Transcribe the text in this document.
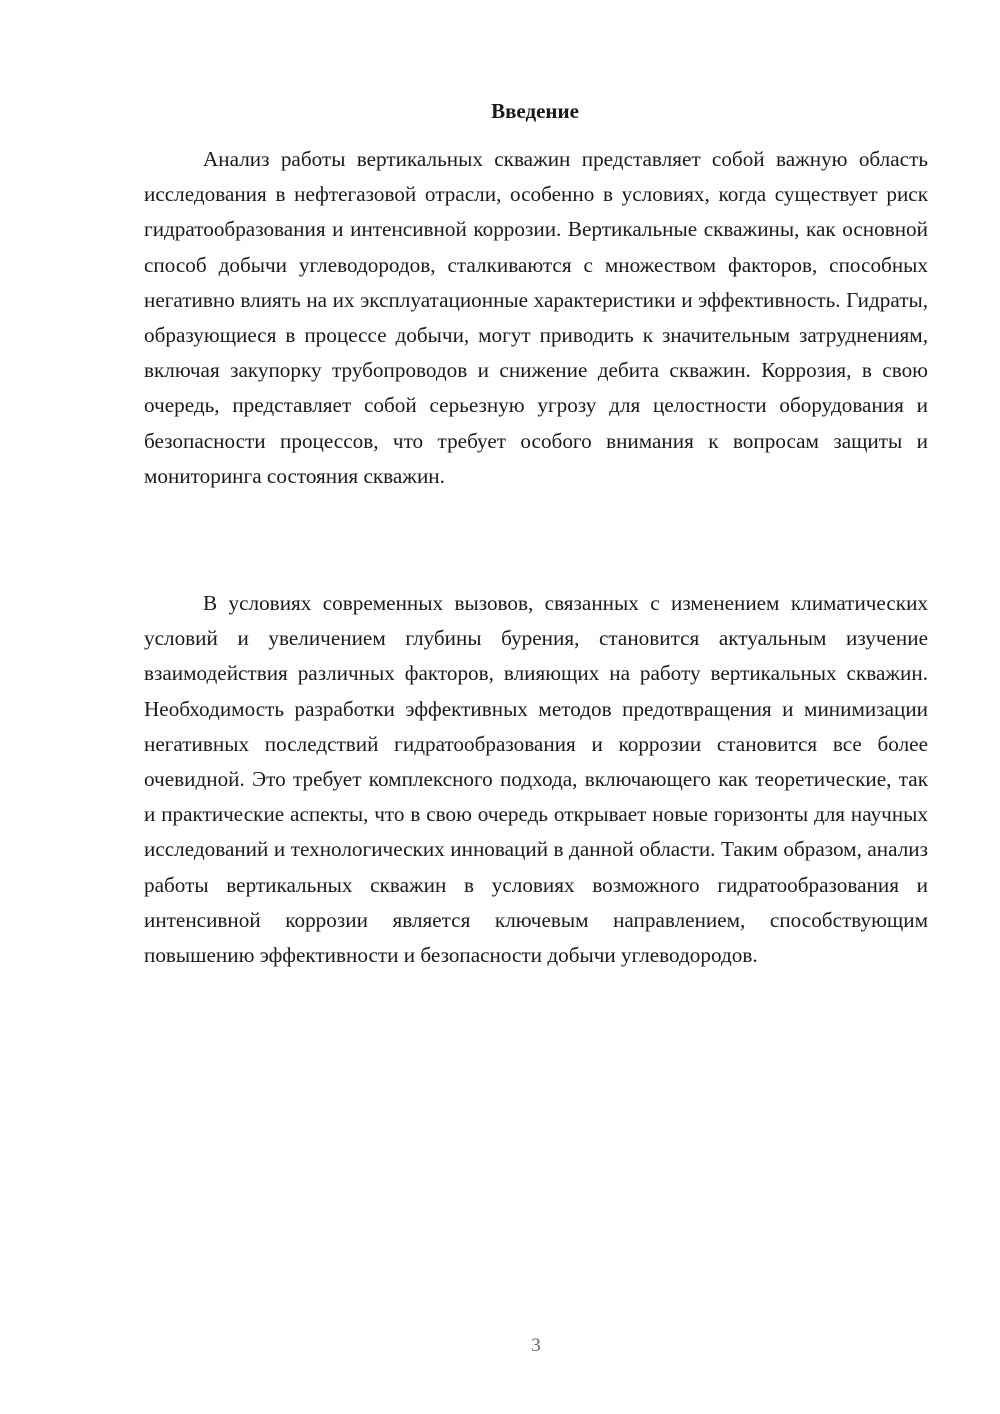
Введение

Анализ работы вертикальных скважин представляет собой важную область исследования в нефтегазовой отрасли, особенно в условиях, когда существует риск гидратообразования и интенсивной коррозии. Вертикальные скважины, как основной способ добычи углеводородов, сталкиваются с множеством факторов, способных негативно влиять на их эксплуатационные характеристики и эффективность. Гидраты, образующиеся в процессе добычи, могут приводить к значительным затруднениям, включая закупорку трубопроводов и снижение дебита скважин. Коррозия, в свою очередь, представляет собой серьезную угрозу для целостности оборудования и безопасности процессов, что требует особого внимания к вопросам защиты и мониторинга состояния скважин.

В условиях современных вызовов, связанных с изменением климатических условий и увеличением глубины бурения, становится актуальным изучение взаимодействия различных факторов, влияющих на работу вертикальных скважин. Необходимость разработки эффективных методов предотвращения и минимизации негативных последствий гидратообразования и коррозии становится все более очевидной. Это требует комплексного подхода, включающего как теоретические, так и практические аспекты, что в свою очередь открывает новые горизонты для научных исследований и технологических инноваций в данной области. Таким образом, анализ работы вертикальных скважин в условиях возможного гидратообразования и интенсивной коррозии является ключевым направлением, способствующим повышению эффективности и безопасности добычи углеводородов.

3
